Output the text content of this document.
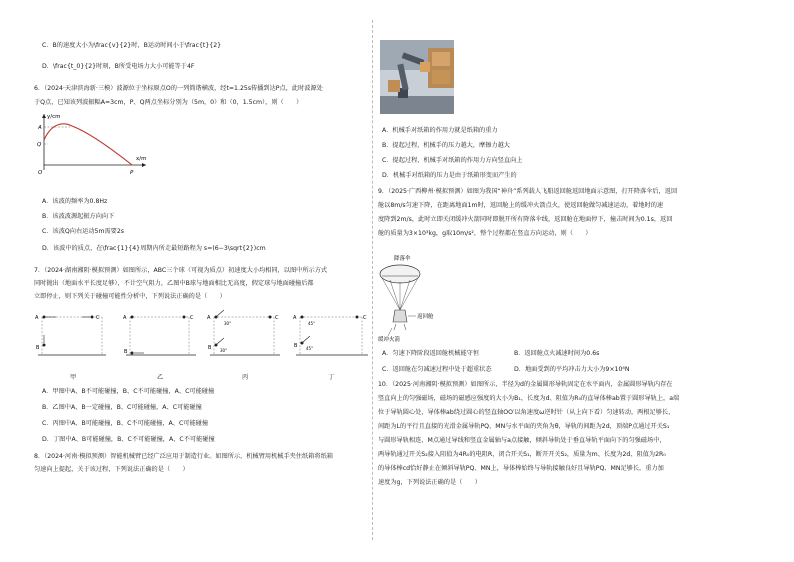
C．B的速度大小为\frac{v}{2}时，B运动时间小于\frac{t}{2}
D．\frac{t_0}{2}时刻，B所受电场力大小可能等于4F
6．（2024·天津滨海新·三模）波源位于坐标原点O的一列简谐横波，经t=1.25s传播到达P点，此时波源处
于Q点，已知该列波振幅A=3cm，P、Q两点坐标分别为（5m，0）和（0，1.5cm），则（　　）
y/cm
x/m
A
Q
O	P
A．该波的频率为0.8Hz
B．该波波源起振方向向下
C．该波Q向右运动5m需要2s
D．该波中的质点，在\frac{1}{4}周期内所走最短路程为 s=(6−3\sqrt{2})cm
7．（2024·湖南湘阴·模拟预测）如图所示，ABC三个球（可视为质点）初速度大小均相同，以图中所示方式
同时抛出（地面水平长度足够），不计空气阻力，乙图中B球与地面相比无高度，假定球与地面碰撞后都
立即停止，则下列关于碰撞可能性分析中，下列说法正确的是（　　）
A	C
B
A	C
B
A
30°
C
B 30°
A
45°
C
B 45°
甲	乙	丙	丁
A．甲图中A、B不可能碰撞，B、C不可能碰撞，A、C可能碰撞
B．乙图中A、B一定碰撞，B、C可能碰撞，A、C可能碰撞
C．丙图中A、B可能碰撞，B、C不可能碰撞，A、C可能碰撞
D．丁图中A、B可能碰撞，B、C不可能碰撞，A、C不可能碰撞
8．（2024·河南·模拟预测）智能机械臂已经广泛应用于制造行业。如图所示，机械臂用机械手夹住纸箱将纸箱
匀速向上提起，关于该过程，下列说法正确的是（　　）
A．机械手对纸箱的作用力就是纸箱的重力
B．提起过程，机械手的压力越大，摩擦力越大
C．提起过程，机械手对纸箱的作用力方向竖直向上
D．机械手对纸箱的压力是由于纸箱形变而产生的
9．（2025·广西柳州·模拟预测）如图为我国“神舟”系列载人飞船返回舱返回地面示意图，打开降落伞后，返回
舱以8m/s匀速下降，在距离地面1m时，返回舱上的缓冲火箭点火，使返回舱做匀减速运动，着地时的速
度降到2m/s，此时立即关闭缓冲火箭同时即脱开所有降落伞线，返回舱在地面停下，撞击时间为0.1s，返回
舱的质量为3×10³kg，g取10m/s²，整个过程都在竖直方向运动，则（　　）
降落伞
返回舱
缓冲火箭
A．匀速下降阶段返回舱机械能守恒	B．返回舱点火减速时间为0.6s
C．返回舱在匀减速过程中处于超重状态	D．地面受到的平均冲击力大小为9×10⁴N
10．（2025·河南湘阴·模拟预测）如图所示，半径为d的金属圆形导轨固定在水平面内，金属圆形导轨内存在
竖直向上的匀强磁场，磁场的磁感应强度的大小为B₁，长度为d、阻值为R₀的直导体棒ab置于圆形导轨上，a端
位于导轨圆心处，导体棒ab绕过圆心的竖直轴OO′以角速度ω逆时针（从上向下看）匀速转动，两根足够长、
间距为L的平行且直接的光滑金属导轨PQ、MN与水平面的夹角为θ，导轨的间距为2d，顶端P点通过开关S₁
与圆形导轨相连，M点通过导线和竖直金属轴与a点接触，倾斜导轨处于垂直导轨平面向下的匀强磁场中，
两导轨通过开关S₂接入阻值为4R₀的电阻R，闭合开关S₁，断开开关S₂，质量为m、长度为2d、阻值为2R₀
的导体棒cd恰好静止在倾斜导轨PQ、MN上，导体棒始终与导轨接触良好且导轨PQ、MN足够长，重力加
速度为g，下列说法正确的是（　　）
